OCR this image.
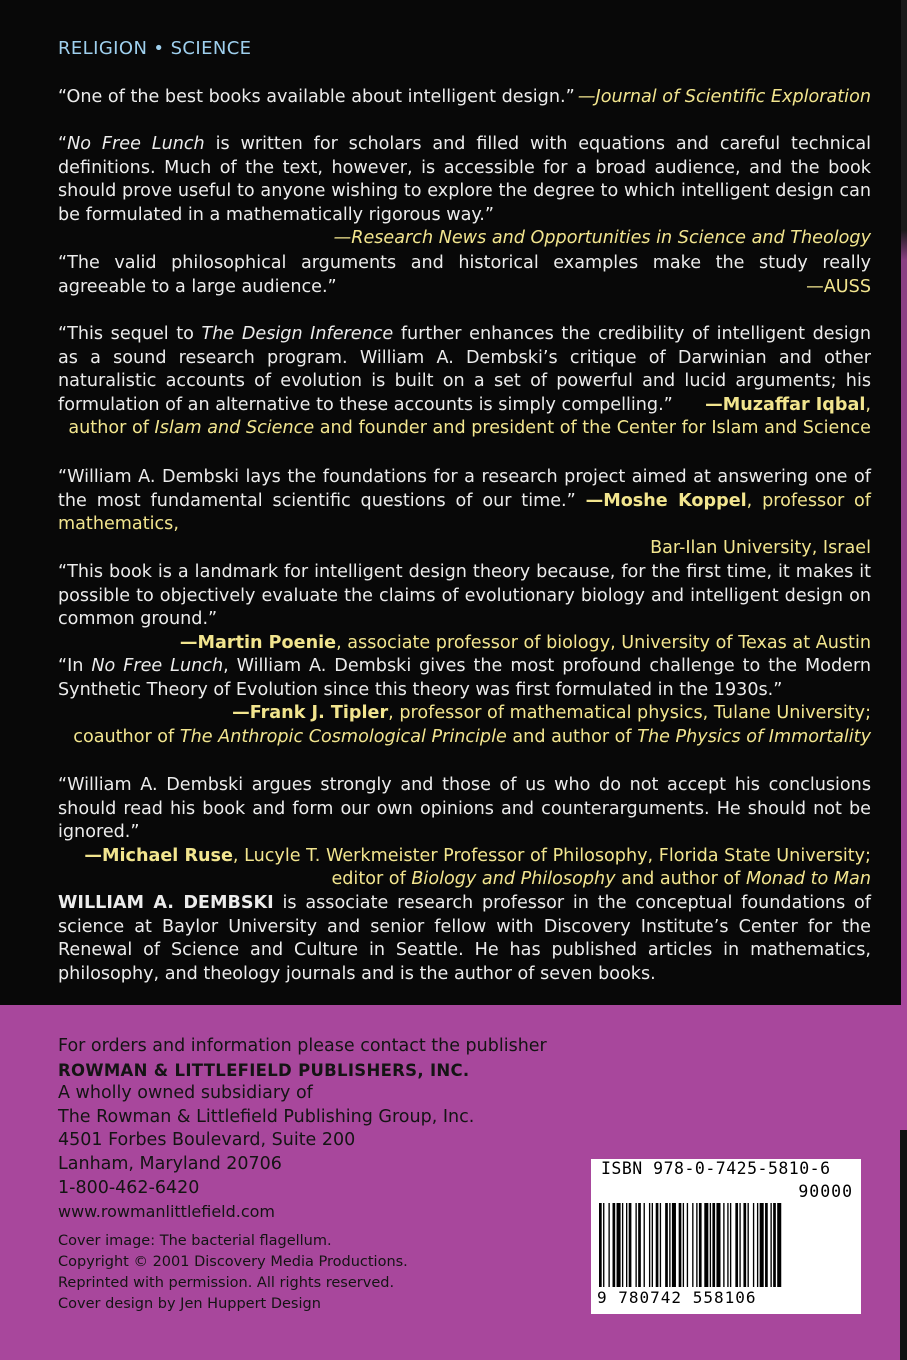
RELIGION • SCIENCE
“One of the best books available about intelligent design.” —Journal of Scientific Exploration
“No Free Lunch is written for scholars and filled with equations and careful technical definitions. Much of the text, however, is accessible for a broad audience, and the book should prove useful to anyone wishing to explore the degree to which intelligent design can be formulated in a mathematically rigorous way.”
—Research News and Opportunities in Science and Theology
“The valid philosophical arguments and historical examples make the study really agreeable to a large audience.”	—AUSS
“This sequel to The Design Inference further enhances the credibility of intelligent design as a sound research program. William A. Dembski’s critique of Darwinian and other naturalistic accounts of evolution is built on a set of powerful and lucid arguments; his formulation of an alternative to these accounts is simply compelling.”	—Muzaffar Iqbal,
author of Islam and Science and founder and president of the Center for Islam and Science
“William A. Dembski lays the foundations for a research project aimed at answering one of the most fundamental scientific questions of our time.” —Moshe Koppel, professor of mathematics,
Bar-Ilan University, Israel
“This book is a landmark for intelligent design theory because, for the first time, it makes it possible to objectively evaluate the claims of evolutionary biology and intelligent design on common ground.”
—Martin Poenie, associate professor of biology, University of Texas at Austin
“In No Free Lunch, William A. Dembski gives the most profound challenge to the Modern Synthetic Theory of Evolution since this theory was first formulated in the 1930s.”
—Frank J. Tipler, professor of mathematical physics, Tulane University;
coauthor of The Anthropic Cosmological Principle and author of The Physics of Immortality
“William A. Dembski argues strongly and those of us who do not accept his conclusions should read his book and form our own opinions and counterarguments. He should not be ignored.”
—Michael Ruse, Lucyle T. Werkmeister Professor of Philosophy, Florida State University;
editor of Biology and Philosophy and author of Monad to Man
WILLIAM A. DEMBSKI is associate research professor in the conceptual foundations of science at Baylor University and senior fellow with Discovery Institute’s Center for the Renewal of Science and Culture in Seattle. He has published articles in mathematics, philosophy, and theology journals and is the author of seven books.
For orders and information please contact the publisher
ROWMAN & LITTLEFIELD PUBLISHERS, INC.
A wholly owned subsidiary of
The Rowman & Littlefield Publishing Group, Inc.
4501 Forbes Boulevard, Suite 200
Lanham, Maryland 20706
1-800-462-6420
www.rowmanlittlefield.com
Cover image: The bacterial flagellum.
Copyright © 2001 Discovery Media Productions.
Reprinted with permission. All rights reserved.
Cover design by Jen Huppert Design
ISBN 978-0-7425-5810-6
90000
9 780742 558106
